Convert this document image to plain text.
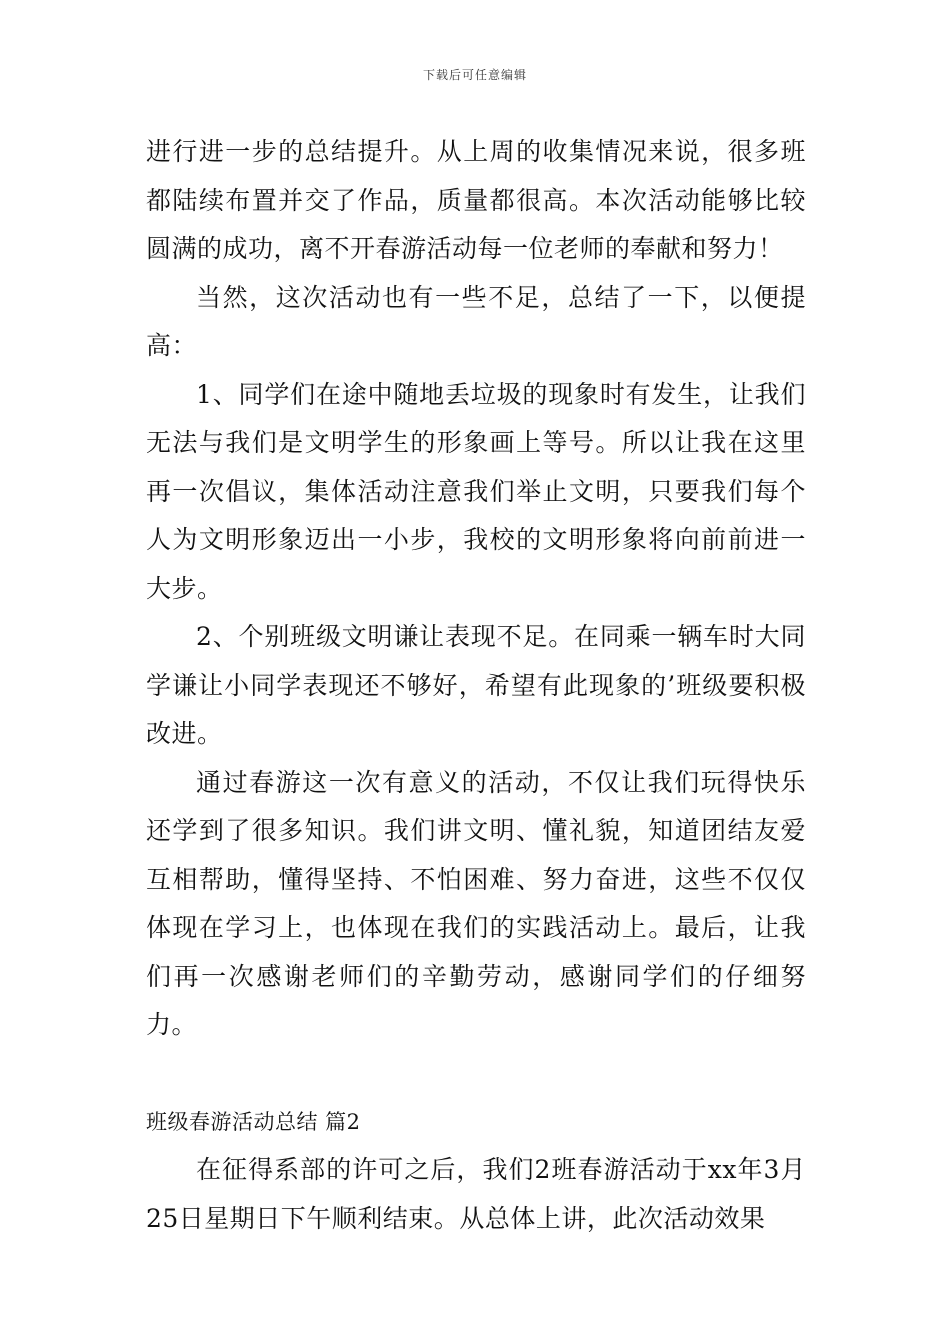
下载后可任意编辑

进行进一步的总结提升。从上周的收集情况来说，很多班都陆续布置并交了作品，质量都很高。本次活动能够比较圆满的成功，离不开春游活动每一位老师的奉献和努力！

当然，这次活动也有一些不足，总结了一下，以便提高：

1、同学们在途中随地丢垃圾的现象时有发生，让我们无法与我们是文明学生的形象画上等号。所以让我在这里再一次倡议，集体活动注意我们举止文明，只要我们每个人为文明形象迈出一小步，我校的文明形象将向前前进一大步。

2、个别班级文明谦让表现不足。在同乘一辆车时大同学谦让小同学表现还不够好，希望有此现象的’班级要积极改进。

通过春游这一次有意义的活动，不仅让我们玩得快乐还学到了很多知识。我们讲文明、懂礼貌，知道团结友爱互相帮助，懂得坚持、不怕困难、努力奋进，这些不仅仅体现在学习上，也体现在我们的实践活动上。最后，让我们再一次感谢老师们的辛勤劳动，感谢同学们的仔细努力。

班级春游活动总结 篇2

在征得系部的许可之后，我们2班春游活动于xx年3月25日星期日下午顺利结束。从总体上讲，此次活动效果
